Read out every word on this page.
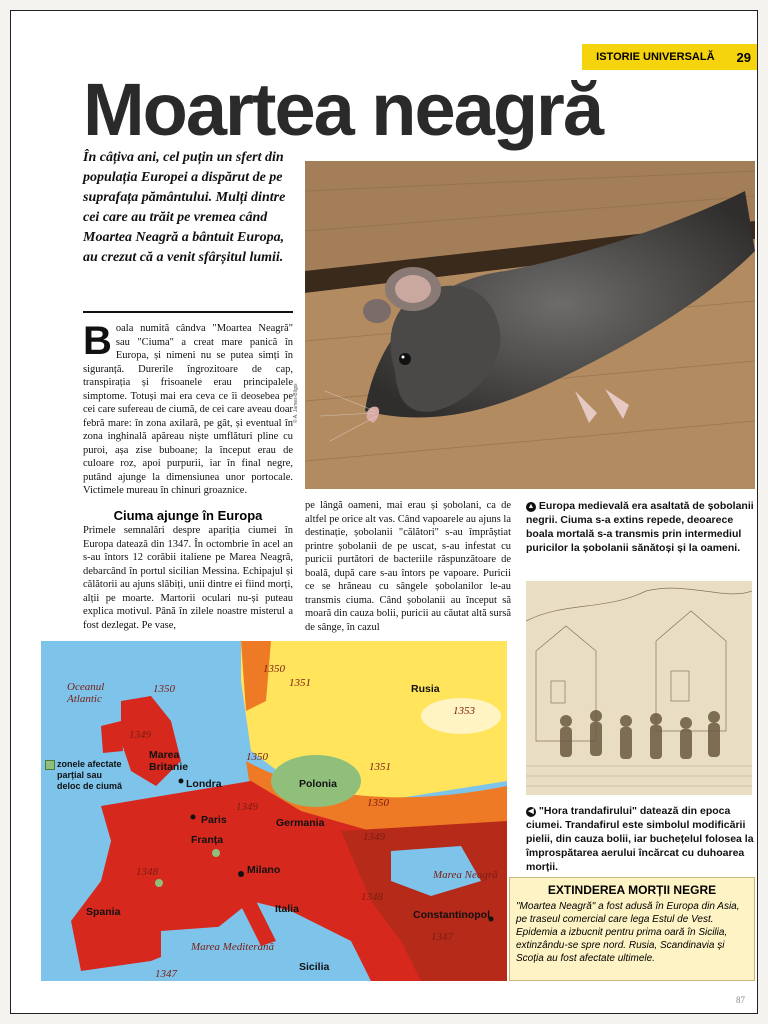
ISTORIE UNIVERSALĂ	29
Moartea neagră
În câțiva ani, cel puțin un sfert din populația Europei a dispărut de pe suprafața pământului. Mulți dintre cei care au trăit pe vremea când Moartea Neagră a bântuit Europa, au crezut că a venit sfârșitul lumii.
© A. James-Bilgoi

Boala numită cândva "Moartea Neagră" sau "Ciuma" a creat mare panică în Europa, și nimeni nu se putea simți în siguranță. Durerile îngrozitoare de cap, transpirația și frisoanele erau principalele simptome. Totuși mai era ceva ce îi deosebea pe cei care sufereau de ciumă, de cei care aveau doar febră mare: în zona axilară, pe gât, și eventual în zona inghinală apăreau niște umflături pline cu puroi, așa zise buboane; la început erau de culoare roz, apoi purpurii, iar în final negre, putând ajunge la dimensiunea unor portocale. Victimele mureau în chinuri groaznice.

Ciuma ajunge în Europa

Primele semnalări despre apariția ciumei în Europa datează din 1347. În octombrie în acel an s-au întors 12 corăbii italiene pe Marea Neagră, debarcând în portul sicilian Messina. Echipajul și călătorii au ajuns slăbiți, unii dintre ei fiind morți, alții pe moarte. Martorii oculari nu-și puteau explica motivul. Până în zilele noastre misterul a fost dezlegat. Pe vase,

pe lângă oameni, mai erau și șobolani, ca de altfel pe orice alt vas. Când vapoarele au ajuns la destinație, șobolanii "călători" s-au împrăștiat printre șobolanii de pe uscat, s-au infestat cu puricii purtători de bacteriile răspunzătoare de boală, după care s-au întors pe vapoare. Puricii ce se hrăneau cu sângele șobolanilor le-au transmis ciuma. Când șobolanii au început să moară din cauza bolii, puricii au căutat altă sursă de sânge, în cazul

▲ Europa medievală era asaltată de șobolanii negrii. Ciuma s-a extins repede, deoarece boala mortală s-a transmis prin intermediul puricilor la șobolanii sănătoși și la oameni.

◀ "Hora trandafirului" datează din epoca ciumei. Trandafirul este simbolul modificării pielii, din cauza bolii, iar buchețelul folosea la împrospătarea aerului încărcat cu duhoarea morții.

EXTINDEREA MORȚII NEGRE

"Moartea Neagră" a fost adusă în Europa din Asia, pe traseul comercial care lega Estul de Vest. Epidemia a izbucnit pentru prima oară în Sicilia, extinzându-se spre nord. Rusia, Scandinavia și Scoția au fost afectate ultimele.

Oceanul Atlantic
Marea Neagră
Marea Mediterană
Rusia
Marea Britanie
Londra	Polonia
Paris	Germania
Franța
Milano
Spania	Italia	Constantinopol
Sicilia
1350
1349
1350
1351
1353
1351
1350
1349
1349
1348
1348
1347
1347
1350
zonele afectate parțial sau deloc de ciumă
87
